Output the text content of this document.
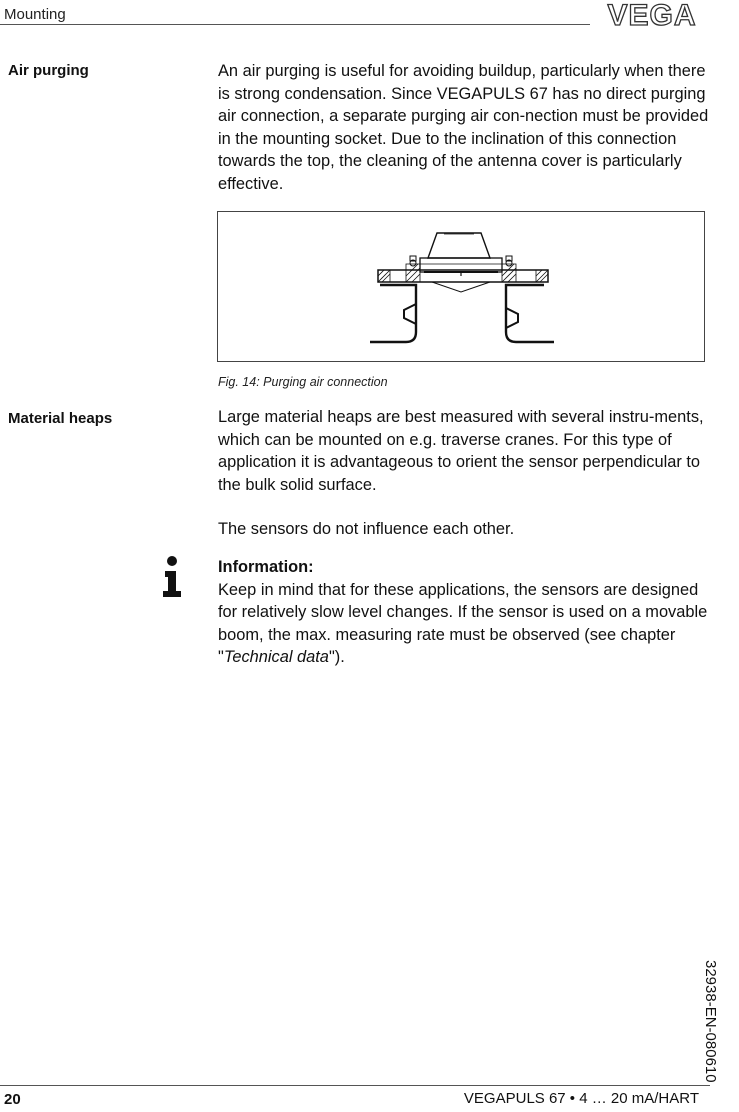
Mounting	VEGA
Air purging	An air purging is useful for avoiding buildup, particularly when there is strong condensation. Since VEGAPULS 67 has no direct purging air connection, a separate purging air con-nection must be provided in the mounting socket. Due to the inclination of this connection towards the top, the cleaning of the antenna cover is particularly effective.

Fig. 14: Purging air connection
Material heaps	Large material heaps are best measured with several instru-ments, which can be mounted on e.g. traverse cranes. For this type of application it is advantageous to orient the sensor perpendicular to the bulk solid surface.

The sensors do not influence each other.

Information:

Keep in mind that for these applications, the sensors are designed for relatively slow level changes. If the sensor is used on a movable boom, the max. measuring rate must be observed (see chapter "Technical data").

32938-EN-080610
20	VEGAPULS 67 • 4 … 20 mA/HART
